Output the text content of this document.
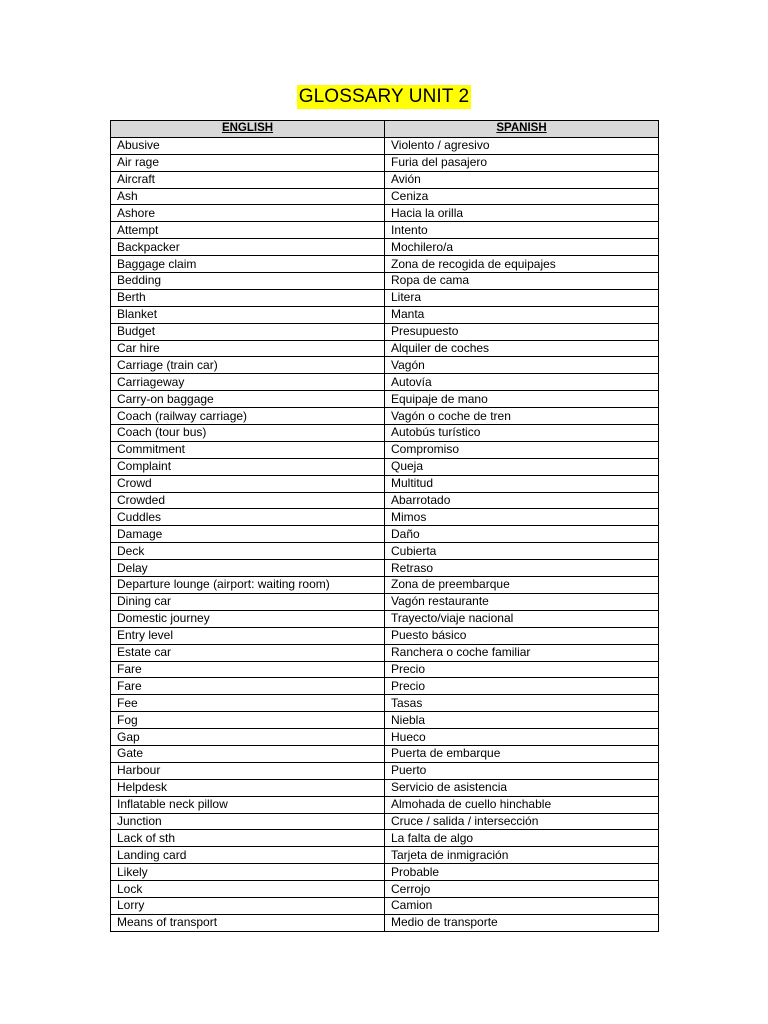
GLOSSARY UNIT 2
ENGLISH	SPANISH
Abusive	Violento / agresivo
Air rage	Furia del pasajero
Aircraft	Avión
Ash	Ceniza
Ashore	Hacia la orilla
Attempt	Intento
Backpacker	Mochilero/a
Baggage claim	Zona de recogida de equipajes
Bedding	Ropa de cama
Berth	Litera
Blanket	Manta
Budget	Presupuesto
Car hire	Alquiler de coches
Carriage (train car)	Vagón
Carriageway	Autovía
Carry-on baggage	Equipaje de mano
Coach (railway carriage)	Vagón o coche de tren
Coach (tour bus)	Autobús turístico
Commitment	Compromiso
Complaint	Queja
Crowd	Multitud
Crowded	Abarrotado
Cuddles	Mimos
Damage	Daño
Deck	Cubierta
Delay	Retraso
Departure lounge (airport: waiting room)	Zona de preembarque
Dining car	Vagón restaurante
Domestic journey	Trayecto/viaje nacional
Entry level	Puesto básico
Estate car	Ranchera o coche familiar
Fare	Precio
Fare	Precio
Fee	Tasas
Fog	Niebla
Gap	Hueco
Gate	Puerta de embarque
Harbour	Puerto
Helpdesk	Servicio de asistencia
Inflatable neck pillow	Almohada de cuello hinchable
Junction	Cruce / salida / intersección
Lack of sth	La falta de algo
Landing card	Tarjeta de inmigración
Likely	Probable
Lock	Cerrojo
Lorry	Camion
Means of transport	Medio de transporte
